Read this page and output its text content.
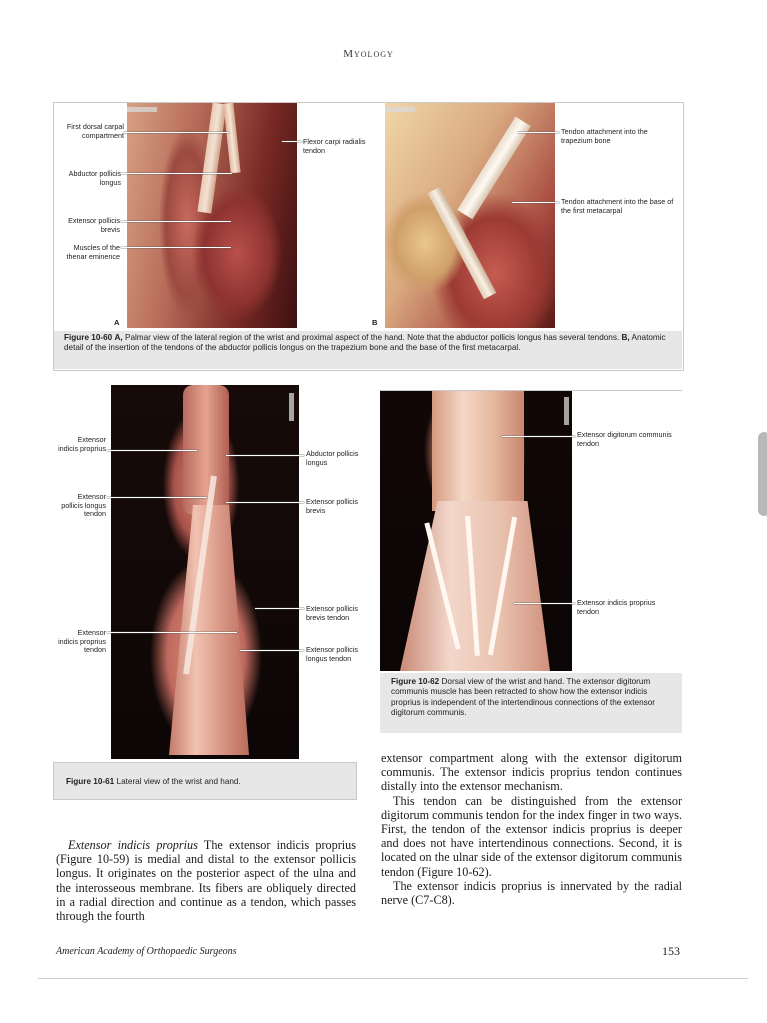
Myology
A
First dorsal carpal compartment
Abductor pollicis longus
Extensor pollicis brevis
Muscles of the thenar eminence
Flexor carpi radialis tendon
B
Tendon attachment into the trapezium bone
Tendon attachment into the base of the first metacarpal
Figure 10-60 A, Palmar view of the lateral region of the wrist and proximal aspect of the hand. Note that the abductor pollicis longus has several tendons. B, Anatomic detail of the insertion of the tendons of the abductor pollicis longus on the trapezium bone and the base of the first metacarpal.
Extensor indicis proprius
Extensor pollicis longus tendon
Extensor indicis proprius tendon
Abductor pollicis longus
Extensor pollicis brevis
Extensor pollicis brevis tendon
Extensor pollicis longus tendon
Figure 10-61 Lateral view of the wrist and hand.
Extensor digitorum communis tendon
Extensor indicis proprius tendon
Figure 10-62 Dorsal view of the wrist and hand. The extensor digitorum communis muscle has been retracted to show how the extensor indicis proprius is independent of the intertendinous connections of the extensor digitorum communis.

Extensor indicis proprius The extensor indicis proprius (Figure 10-59) is medial and distal to the extensor pollicis longus. It originates on the posterior aspect of the ulna and the interosseous membrane. Its fibers are obliquely directed in a radial direction and continue as a tendon, which passes through the fourth

extensor compartment along with the extensor digitorum communis. The extensor indicis proprius tendon continues distally into the extensor mechanism.

This tendon can be distinguished from the extensor digitorum communis tendon for the index finger in two ways. First, the tendon of the extensor indicis proprius is deeper and does not have intertendinous connections. Second, it is located on the ulnar side of the extensor digitorum communis tendon (Figure 10-62).

The extensor indicis proprius is innervated by the radial nerve (C7-C8).

American Academy of Orthopaedic Surgeons	153
